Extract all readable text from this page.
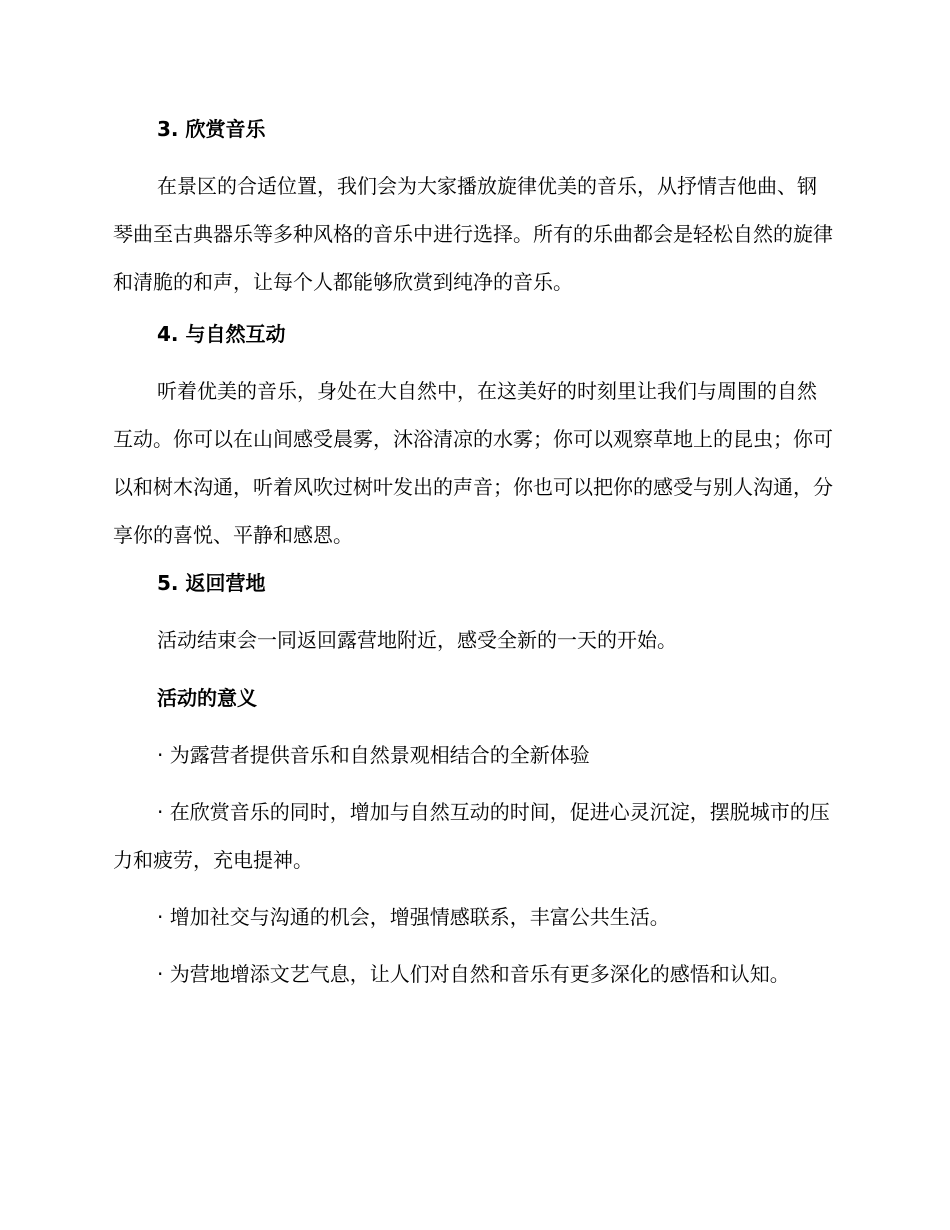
3. 欣赏音乐

在景区的合适位置，我们会为大家播放旋律优美的音乐，从抒情吉他曲、钢琴曲至古典器乐等多种风格的音乐中进行选择。所有的乐曲都会是轻松自然的旋律和清脆的和声，让每个人都能够欣赏到纯净的音乐。

4. 与自然互动

听着优美的音乐，身处在大自然中，在这美好的时刻里让我们与周围的自然互动。你可以在山间感受晨雾，沐浴清凉的水雾；你可以观察草地上的昆虫；你可以和树木沟通，听着风吹过树叶发出的声音；你也可以把你的感受与别人沟通，分享你的喜悦、平静和感恩。

5. 返回营地

活动结束会一同返回露营地附近，感受全新的一天的开始。

活动的意义

· 为露营者提供音乐和自然景观相结合的全新体验

· 在欣赏音乐的同时，增加与自然互动的时间，促进心灵沉淀，摆脱城市的压力和疲劳，充电提神。

· 增加社交与沟通的机会，增强情感联系，丰富公共生活。

· 为营地增添文艺气息，让人们对自然和音乐有更多深化的感悟和认知。
